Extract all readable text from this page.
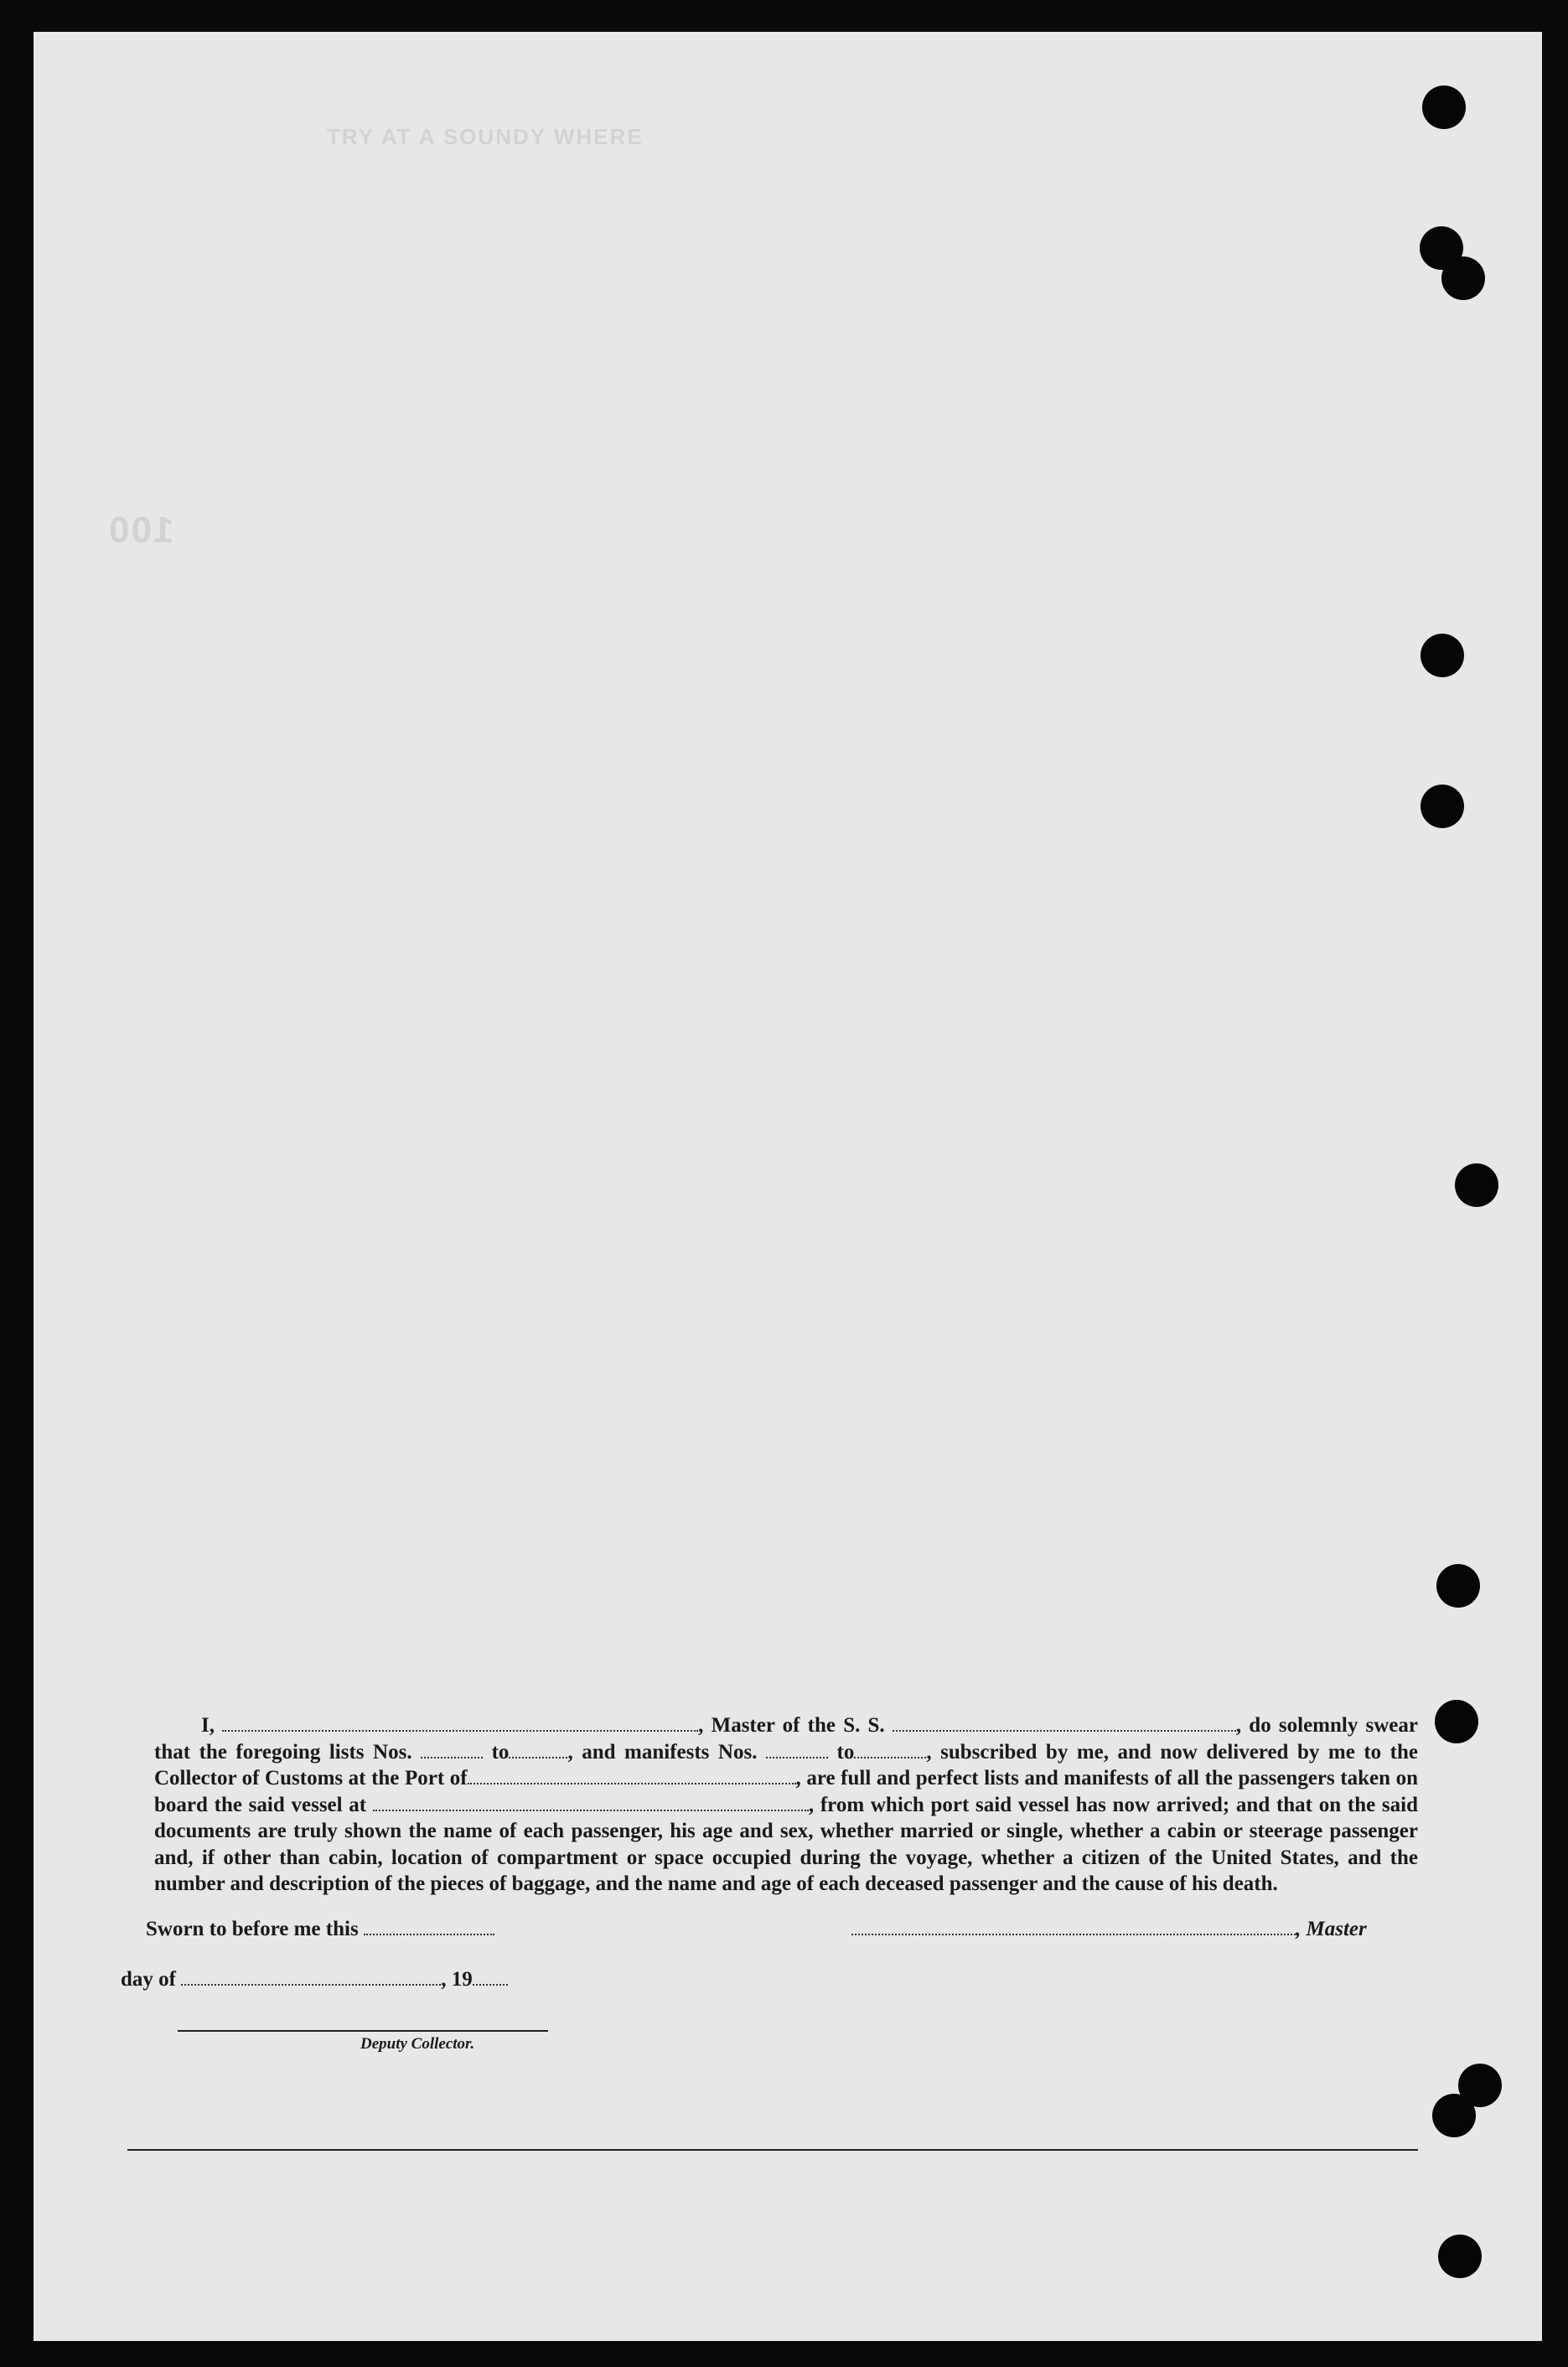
TRY AT A SOUNDY WHERE
100

I,	, Master of the S. S.	, do solemnly swear that the foregoing lists Nos.	to	, and manifests Nos.	to	, subscribed by me, and now delivered by me to the Collector of Customs at the Port of	, are full and perfect lists and manifests of all the passengers taken on board the said vessel at	, from which port said vessel has now arrived; and that on the said documents are truly shown the name of each passenger, his age and sex, whether married or single, whether a cabin or steerage passenger and, if other than cabin, location of compartment or space occupied during the voyage, whether a citizen of the United States, and the number and description of the pieces of baggage, and the name and age of each deceased passenger and the cause of his death.

Sworn to before me this	, Master
day of	, 19
Deputy Collector.
